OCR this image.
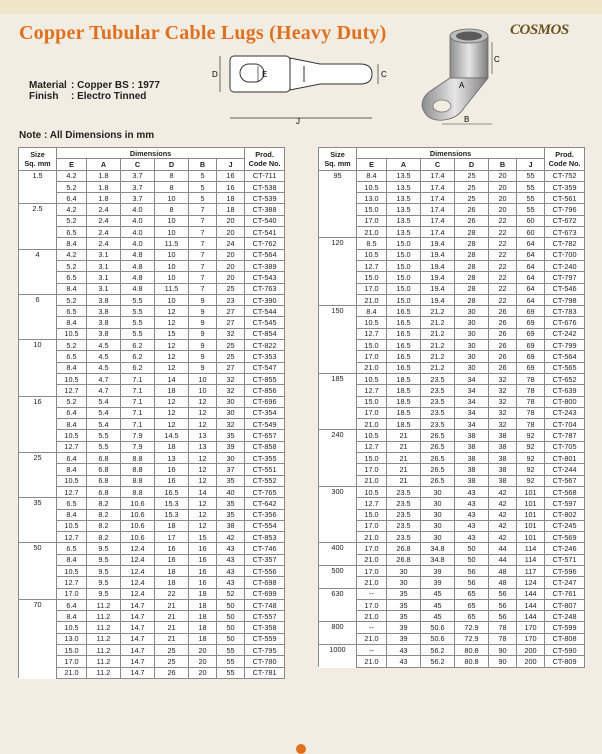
Copper Tubular Cable Lugs (Heavy Duty)	COSMOS
Material : Copper BS : 1977
Finish : Electro Tinned
Note : All Dimensions in mm
D	E	C
J
C
A
B
Size
Sq. mm	Dimensions						Prod.
Code No.
	E	A	C	D	B	J	
1.5	4.2	1.8	3.7	8	5	16	CT-711
	5.2	1.8	3.7	8	5	16	CT-538
	6.4	1.8	3.7	10	5	18	CT-539
2.5	4.2	2.4	4.0	8	7	18	CT-388
	5.2	2.4	4.0	10	7	20	CT-540
	6.5	2.4	4.0	10	7	20	CT-541
	8.4	2.4	4.0	11.5	7	24	CT-762
4	4.2	3.1	4.8	10	7	20	CT-564
	5.2	3.1	4.8	10	7	20	CT-389
	6.5	3.1	4.8	10	7	20	CT-543
	8.4	3.1	4.8	11.5	7	25	CT-763
6	5.2	3.8	5.5	10	9	23	CT-390
	6.5	3.8	5.5	12	9	27	CT-544
	8.4	3.8	5.5	12	9	27	CT-545
	10.5	3.8	5.5	15	9	32	CT-854
10	5.2	4.5	6.2	12	9	25	CT-822
	6.5	4.5	6.2	12	9	25	CT-353
	8.4	4.5	6.2	12	9	27	CT-547
	10.5	4.7	7.1	14	10	32	CT-855
	12.7	4.7	7.1	18	10	32	CT-856
16	5.2	5.4	7.1	12	12	30	CT-696
	6.4	5.4	7.1	12	12	30	CT-354
	8.4	5.4	7.1	12	12	32	CT-549
	10.5	5.5	7.9	14.5	13	35	CT-657
	12.7	5.5	7.9	18	13	39	CT-858
25	6.4	6.8	8.8	13	12	30	CT-355
	8.4	6.8	8.8	16	12	37	CT-551
	10.5	6.8	8.8	16	12	35	CT-552
	12.7	6.8	8.8	16.5	14	40	CT-765
35	6.5	8.2	10.6	15.3	12	35	CT-642
	8.4	8.2	10.6	15.3	12	35	CT-356
	10.5	8.2	10.6	18	12	38	CT-554
	12.7	8.2	10.6	17	15	42	CT-853
50	6.5	9.5	12.4	16	16	43	CT-746
	8.4	9.5	12.4	16	16	43	CT-357
	10.5	9.5	12.4	18	16	43	CT-556
	12.7	9.5	12.4	18	16	43	CT-698
	17.0	9.5	12.4	22	18	52	CT-699
70	6.4	11.2	14.7	21	18	50	CT-748
	8.4	11.2	14.7	21	18	50	CT-557
	10.5	11.2	14.7	21	18	50	CT-358
	13.0	11.2	14.7	21	18	50	CT-559
	15.0	11.2	14.7	25	20	55	CT-795
	17.0	11.2	14.7	25	20	55	CT-780
	21.0	11.2	14.7	26	20	55	CT-781
Size
Sq. mm	Dimensions						Prod.
Code No.
	E	A	C	D	B	J	
95	8.4	13.5	17.4	25	20	55	CT-752
	10.5	13.5	17.4	25	20	55	CT-359
	13.0	13.5	17.4	25	20	55	CT-561
	15.0	13.5	17.4	26	20	55	CT-796
	17.0	13.5	17.4	26	22	60	CT-672
	21.0	13.5	17.4	28	22	60	CT-673
120	8.5	15.0	19.4	28	22	64	CT-782
	10.5	15.0	19.4	28	22	64	CT-700
	12.7	15.0	19.4	28	22	64	CT-240
	15.0	15.0	19.4	28	22	64	CT-797
	17.0	15.0	19.4	28	22	64	CT-546
	21.0	15.0	19.4	28	22	64	CT-798
150	8.4	16.5	21.2	30	26	69	CT-783
	10.5	16.5	21.2	30	26	69	CT-676
	12.7	16.5	21.2	30	26	69	CT-242
	15.0	16.5	21.2	30	26	69	CT-799
	17.0	16.5	21.2	30	26	69	CT-564
	21.0	16.5	21.2	30	26	69	CT-565
185	10.5	18.5	23.5	34	32	78	CT-652
	12.7	18.5	23.5	34	32	78	CT-639
	15.0	18.5	23.5	34	32	78	CT-800
	17.0	18.5	23.5	34	32	78	CT-243
	21.0	18.5	23.5	34	32	78	CT-704
240	10.5	21	26.5	38	38	92	CT-787
	12.7	21	26.5	38	38	92	CT-705
	15.0	21	26.5	38	38	92	CT-801
	17.0	21	26.5	38	38	92	CT-244
	21.0	21	26.5	38	38	92	CT-567
300	10.5	23.5	30	43	42	101	CT-568
	12.7	23.5	30	43	42	101	CT-597
	15.0	23.5	30	43	42	101	CT-802
	17.0	23.5	30	43	42	101	CT-245
	21.0	23.5	30	43	42	101	CT-569
400	17.0	26.8	34.8	50	44	114	CT-246
	21.0	26.8	34.8	50	44	114	CT-571
500	17.0	30	39	56	48	117	CT-596
	21.0	30	39	56	48	124	CT-247
630	--	35	45	65	56	144	CT-761
	17.0	35	45	65	56	144	CT-807
	21.0	35	45	65	56	144	CT-248
800	--	39	50.6	72.9	78	170	CT-599
	21.0	39	50.6	72.9	78	170	CT-808
1000	--	43	56.2	80.8	90	200	CT-590
	21.0	43	56.2	80.8	90	200	CT-809
